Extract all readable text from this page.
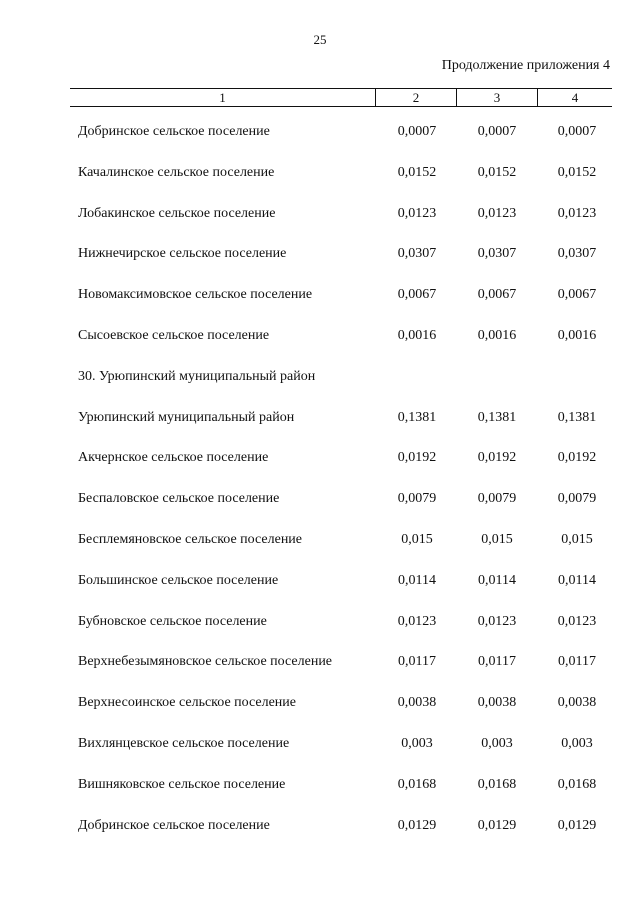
25
Продолжение приложения 4
1	2	3	4
Добринское сельское поселение	0,0007	0,0007	0,0007
Качалинское сельское поселение	0,0152	0,0152	0,0152
Лобакинское сельское поселение	0,0123	0,0123	0,0123
Нижнечирское сельское поселение	0,0307	0,0307	0,0307
Новомаксимовское сельское поселение	0,0067	0,0067	0,0067
Сысоевское сельское поселение	0,0016	0,0016	0,0016
30. Урюпинский муниципальный район
Урюпинский муниципальный район	0,1381	0,1381	0,1381
Акчернское сельское поселение	0,0192	0,0192	0,0192
Беспаловское сельское поселение	0,0079	0,0079	0,0079
Бесплемяновское сельское поселение	0,015	0,015	0,015
Большинское сельское поселение	0,0114	0,0114	0,0114
Бубновское сельское поселение	0,0123	0,0123	0,0123
Верхнебезымяновское сельское поселение	0,0117	0,0117	0,0117
Верхнесоинское сельское поселение	0,0038	0,0038	0,0038
Вихлянцевское сельское поселение	0,003	0,003	0,003
Вишняковское сельское поселение	0,0168	0,0168	0,0168
Добринское сельское поселение	0,0129	0,0129	0,0129
